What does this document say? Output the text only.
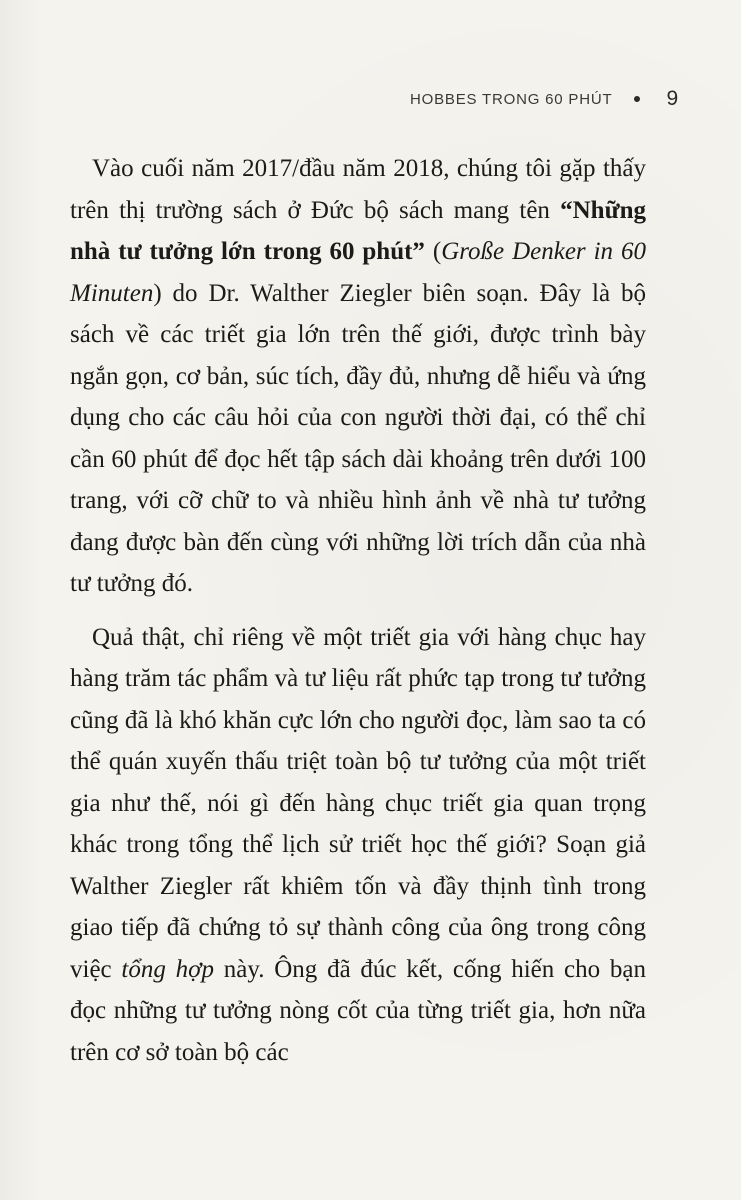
HOBBES TRONG 60 PHÚT	9

Vào cuối năm 2017/đầu năm 2018, chúng tôi gặp thấy trên thị trường sách ở Đức bộ sách mang tên “Những nhà tư tưởng lớn trong 60 phút” (Große Denker in 60 Minuten) do Dr. Walther Ziegler biên soạn. Đây là bộ sách về các triết gia lớn trên thế giới, được trình bày ngắn gọn, cơ bản, súc tích, đầy đủ, nhưng dễ hiểu và ứng dụng cho các câu hỏi của con người thời đại, có thể chỉ cần 60 phút để đọc hết tập sách dài khoảng trên dưới 100 trang, với cỡ chữ to và nhiều hình ảnh về nhà tư tưởng đang được bàn đến cùng với những lời trích dẫn của nhà tư tưởng đó.

Quả thật, chỉ riêng về một triết gia với hàng chục hay hàng trăm tác phẩm và tư liệu rất phức tạp trong tư tưởng cũng đã là khó khăn cực lớn cho người đọc, làm sao ta có thể quán xuyến thấu triệt toàn bộ tư tưởng của một triết gia như thế, nói gì đến hàng chục triết gia quan trọng khác trong tổng thể lịch sử triết học thế giới? Soạn giả Walther Ziegler rất khiêm tốn và đầy thịnh tình trong giao tiếp đã chứng tỏ sự thành công của ông trong công việc tổng hợp này. Ông đã đúc kết, cống hiến cho bạn đọc những tư tưởng nòng cốt của từng triết gia, hơn nữa trên cơ sở toàn bộ các
